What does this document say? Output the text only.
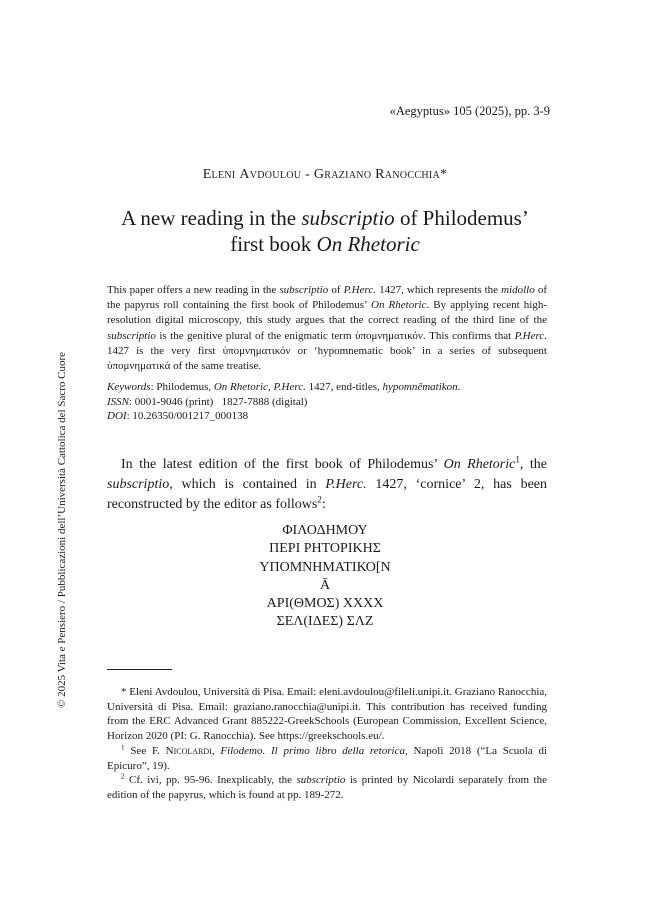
«Aegyptus» 105 (2025), pp. 3-9
Eleni Avdoulou - Graziano Ranocchia*
A new reading in the subscriptio of Philodemus’
first book On Rhetoric

This paper offers a new reading in the subscriptio of P.Herc. 1427, which represents the midollo of the papyrus roll containing the first book of Philodemus’ On Rhetoric. By applying recent high-resolution digital microscopy, this study argues that the correct reading of the third line of the subscriptio is the genitive plural of the enigmatic term ὑπομνηματικόν. This confirms that P.Herc. 1427 is the very first ὑπομνηματικόν or ‘hypomnematic book’ in a series of subsequent ὑπομνηματικά of the same treatise.

Keywords: Philodemus, On Rhetoric, P.Herc. 1427, end-titles, hypomnēmatikon.
ISSN: 0001-9046 (print)   1827-7888 (digital)
DOI: 10.26350/001217_000138

In the latest edition of the first book of Philodemus’ On Rhetoric$^1$, the subscriptio, which is contained in P.Herc. 1427, ‘cornice’ 2, has been reconstructed by the editor as follows$^2$:

ΦΙΛΟΔΗΜΟΥ
ΠΕΡΙ ΡΗΤΟΡΙΚΗΣ
ΥΠΟΜΝΗΜΑΤΙΚΟ[Ν
Ᾱ
ΑΡΙ(ΘΜΟΣ) ΧΧΧΧ
ΣΕΛ(ΙΔΕΣ) ΣΛΖ

* Eleni Avdoulou, Università di Pisa. Email: eleni.avdoulou@fileli.unipi.it. Graziano Ranocchia, Università di Pisa. Email: graziano.ranocchia@unipi.it. This contribution has received funding from the ERC Advanced Grant 885222-GreekSchools (European Commission, Excellent Science, Horizon 2020 (PI: G. Ranocchia). See https://greekschools.eu/.

$^1$ See F. Nicolardi, Filodemo. Il primo libro della retorica, Napoli 2018 (“La Scuola di Epicuro”, 19).

$^2$ Cf. ivi, pp. 95-96. Inexplicably, the subscriptio is printed by Nicolardi separately from the edition of the papyrus, which is found at pp. 189-272.

© 2025 Vita e Pensiero / Pubblicazioni dell’Università Cattolica del Sacro Cuore
